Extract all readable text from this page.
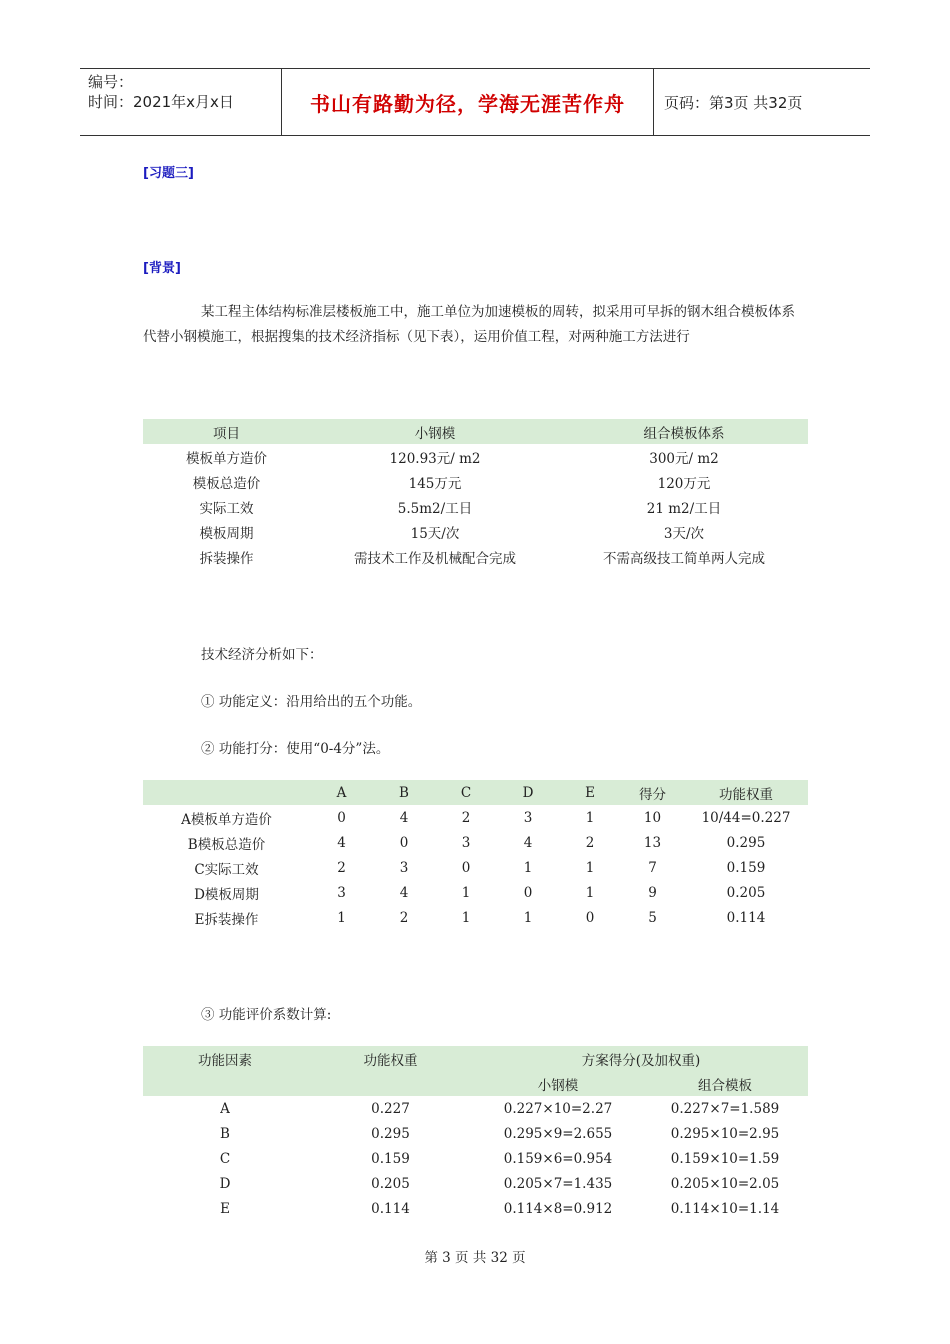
编号：
时间：2021年x月x日	书山有路勤为径，学海无涯苦作舟	页码：第3页 共32页
[习题三]
[背景]
某工程主体结构标准层楼板施工中，施工单位为加速模板的周转，拟采用可早拆的钢木组合模板体系代替小钢模施工，根据搜集的技术经济指标（见下表），运用价值工程，对两种施工方法进行
项目	小钢模	组合模板体系
模板单方造价	120.93元/ m2	300元/ m2
模板总造价	145万元	120万元
实际工效	5.5m2/工日	21 m2/工日
模板周期	15天/次	3天/次
拆装操作	需技术工作及机械配合完成	不需高级技工简单两人完成
技术经济分析如下：
① 功能定义：沿用给出的五个功能。
② 功能打分：使用“0-4分”法。
	A	B	C	D	E	得分	功能权重
A模板单方造价	0	4	2	3	1	10	10/44=0.227
B模板总造价	4	0	3	4	2	13	0.295
C实际工效	2	3	0	1	1	7	0.159
D模板周期	3	4	1	0	1	9	0.205
E拆装操作	1	2	1	1	0	5	0.114
③ 功能评价系数计算:
功能因素	功能权重	方案得分(及加权重)	
		小钢模	组合模板
A	0.227	0.227×10=2.27	0.227×7=1.589
B	0.295	0.295×9=2.655	0.295×10=2.95
C	0.159	0.159×6=0.954	0.159×10=1.59
D	0.205	0.205×7=1.435	0.205×10=2.05
E	0.114	0.114×8=0.912	0.114×10=1.14
第 3 页 共 32 页
